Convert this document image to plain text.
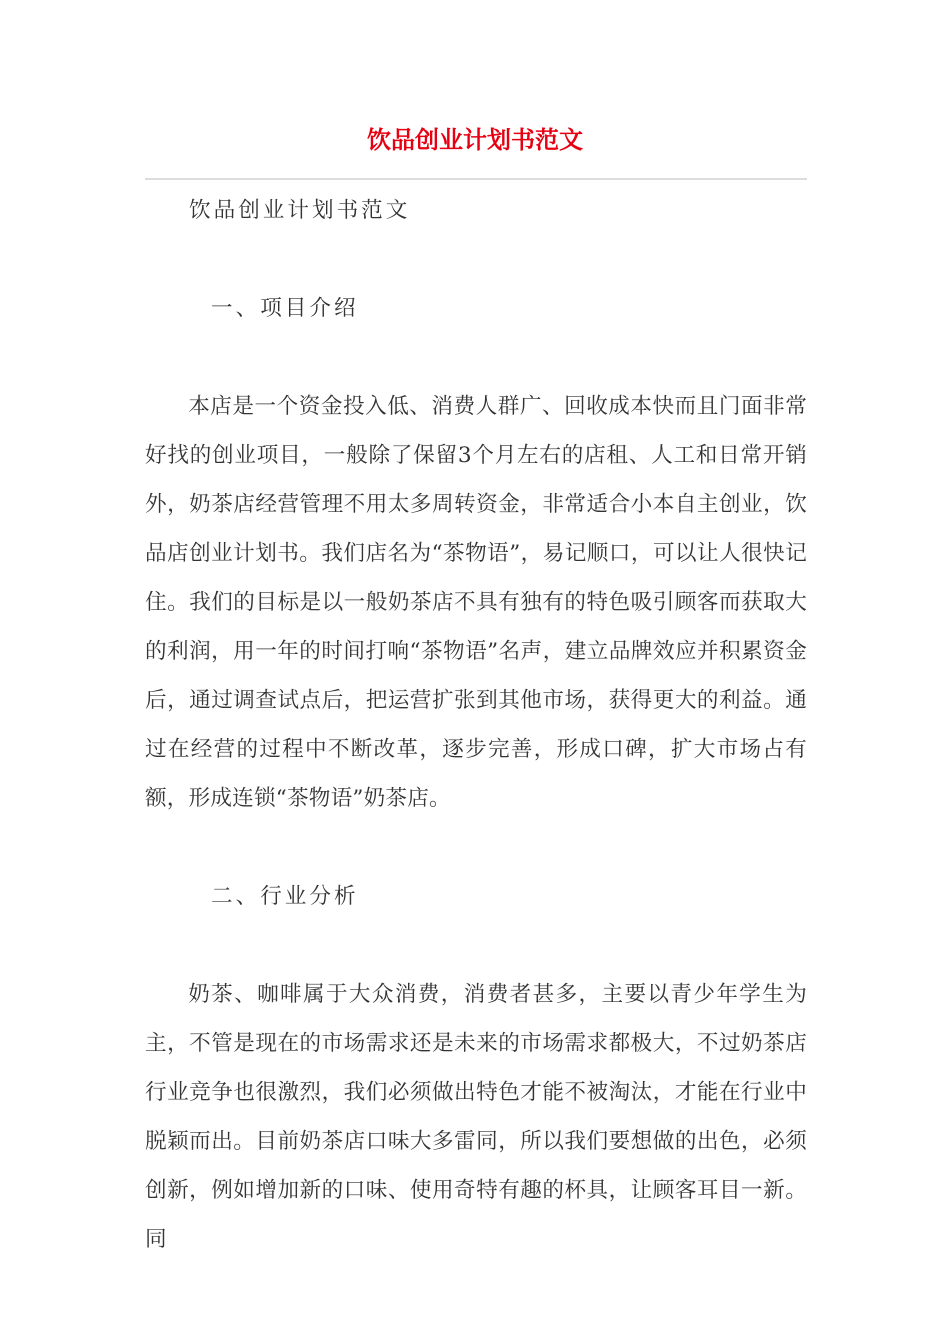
饮品创业计划书范文

饮品创业计划书范文

一、项目介绍

本店是一个资金投入低、消费人群广、回收成本快而且门面非常好找的创业项目，一般除了保留3个月左右的店租、人工和日常开销外，奶茶店经营管理不用太多周转资金，非常适合小本自主创业，饮品店创业计划书。我们店名为“茶物语”，易记顺口，可以让人很快记住。我们的目标是以一般奶茶店不具有独有的特色吸引顾客而获取大的利润，用一年的时间打响“茶物语”名声，建立品牌效应并积累资金后，通过调查试点后，把运营扩张到其他市场，获得更大的利益。通过在经营的过程中不断改革，逐步完善，形成口碑，扩大市场占有额，形成连锁“茶物语”奶茶店。

二、行业分析

奶茶、咖啡属于大众消费，消费者甚多，主要以青少年学生为主，不管是现在的市场需求还是未来的市场需求都极大，不过奶茶店行业竞争也很激烈，我们必须做出特色才能不被淘汰，才能在行业中脱颖而出。目前奶茶店口味大多雷同，所以我们要想做的出色，必须创新，例如增加新的口味、使用奇特有趣的杯具，让顾客耳目一新。同
